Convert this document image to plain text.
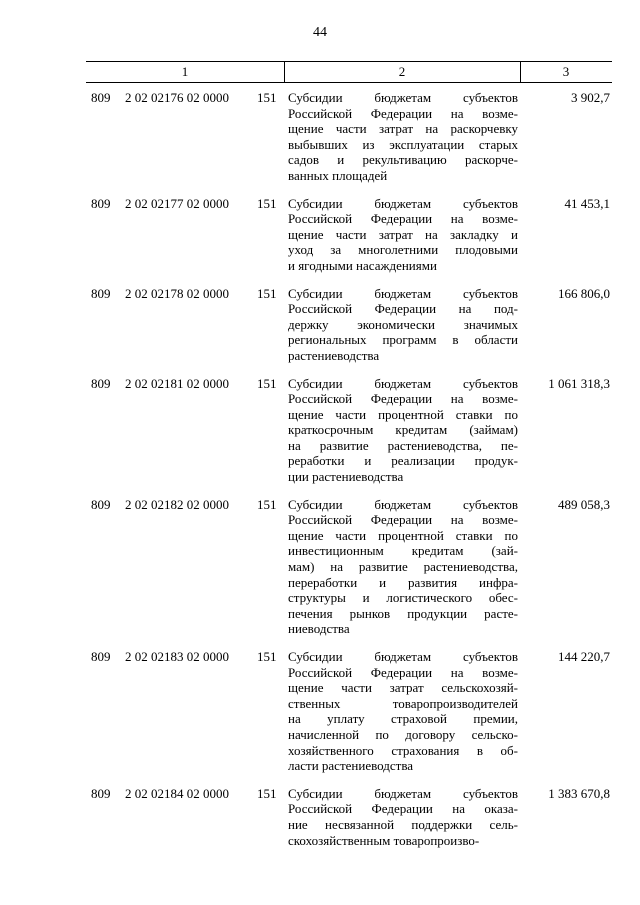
44
1	2	3
809 2 02 02176 02 0000 151 Субсидии бюджетам субъектов
Российской Федерации на возме-
щение части затрат на раскорчевку
выбывших из эксплуатации старых
садов и рекультивацию раскорче-
ванных площадей
3 902,7
809 2 02 02177 02 0000 151 Субсидии бюджетам субъектов
Российской Федерации на возме-
щение части затрат на закладку и
уход за многолетними плодовыми
и ягодными насаждениями
41 453,1
809 2 02 02178 02 0000 151 Субсидии бюджетам субъектов
Российской Федерации на под-
держку экономически значимых
региональных программ в области
растениеводства
166 806,0
809 2 02 02181 02 0000 151 Субсидии бюджетам субъектов
Российской Федерации на возме-
щение части процентной ставки по
краткосрочным кредитам (займам)
на развитие растениеводства, пе-
реработки и реализации продук-
ции растениеводства
1 061 318,3
809 2 02 02182 02 0000 151 Субсидии бюджетам субъектов
Российской Федерации на возме-
щение части процентной ставки по
инвестиционным кредитам (зай-
мам) на развитие растениеводства,
переработки и развития инфра-
структуры и логистического обес-
печения рынков продукции расте-
ниеводства
489 058,3
809 2 02 02183 02 0000 151 Субсидии бюджетам субъектов
Российской Федерации на возме-
щение части затрат сельскохозяй-
ственных товаропроизводителей
на уплату страховой премии,
начисленной по договору сельско-
хозяйственного страхования в об-
ласти растениеводства
144 220,7
809 2 02 02184 02 0000 151 Субсидии бюджетам субъектов
Российской Федерации на оказа-
ние несвязанной поддержки сель-
скохозяйственным товаропроизво-
1 383 670,8
